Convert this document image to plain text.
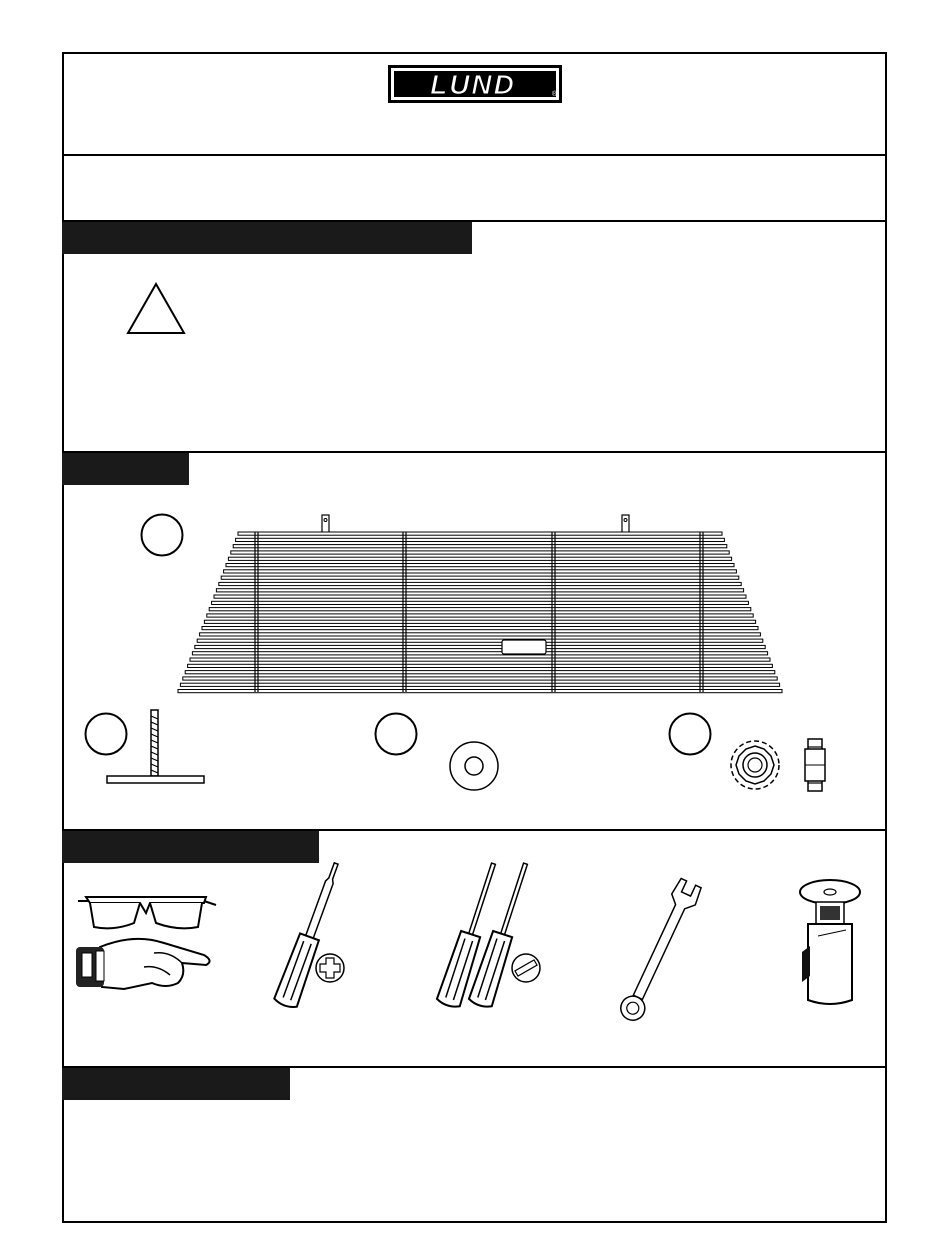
LUND	®
